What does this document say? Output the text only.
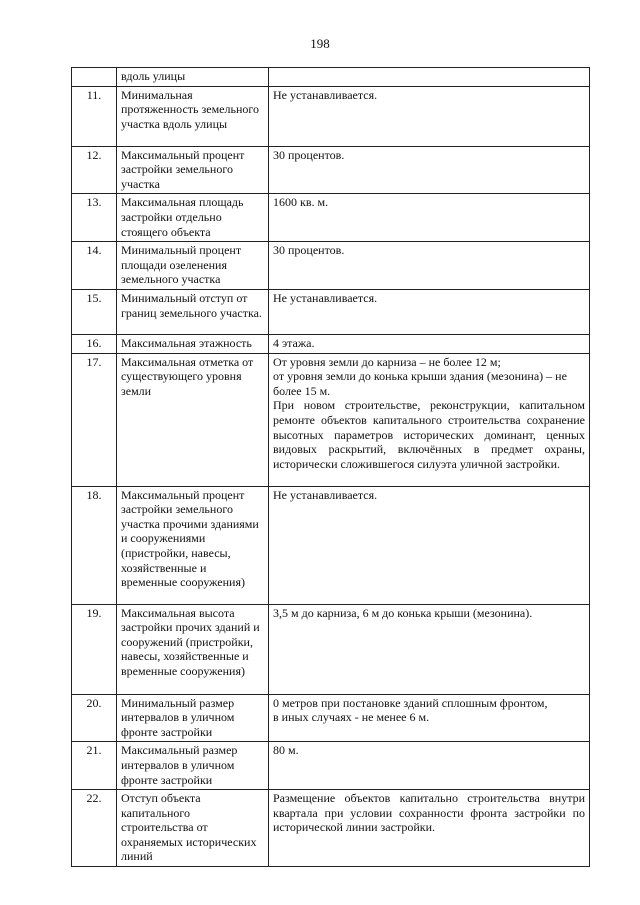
198
	вдоль улицы	
11.	Минимальная протяженность земельного участка вдоль улицы	Не устанавливается.

12.	Максимальный процент застройки земельного участка	30 процентов.

13.	Максимальная площадь застройки отдельно стоящего объекта	1600 кв. м.

14.	Минимальный процент площади озеленения земельного участка	30 процентов.

15.	Минимальный отступ от границ земельного участка.	Не устанавливается.

16.	Максимальная этажность	4 этажа.

17.	Максимальная отметка от существующего уровня земли	От уровня земли до карниза – не более 12 м;
от уровня земли до конька крыши здания (мезонина) – не более 15 м.
При новом строительстве, реконструкции, капитальном ремонте объектов капитального строительства сохранение высотных параметров исторических доминант, ценных видовых раскрытий, включённых в предмет охраны, исторически сложившегося силуэта уличной застройки.

18.	Максимальный процент застройки земельного участка прочими зданиями и сооружениями (пристройки, навесы, хозяйственные и временные сооружения)	Не устанавливается.

19.	Максимальная высота застройки прочих зданий и сооружений (пристройки, навесы, хозяйственные и временные сооружения)	3,5 м до карниза, 6 м до конька крыши (мезонина).

20.	Минимальный размер интервалов в уличном фронте застройки	0 метров при постановке зданий сплошным фронтом,
в иных случаях - не менее 6 м.

21.	Максимальный размер интервалов в уличном фронте застройки	80 м.

22.	Отступ объекта капитального строительства от охраняемых исторических линий	Размещение объектов капитально строительства внутри квартала при условии сохранности фронта застройки по исторической линии застройки.
